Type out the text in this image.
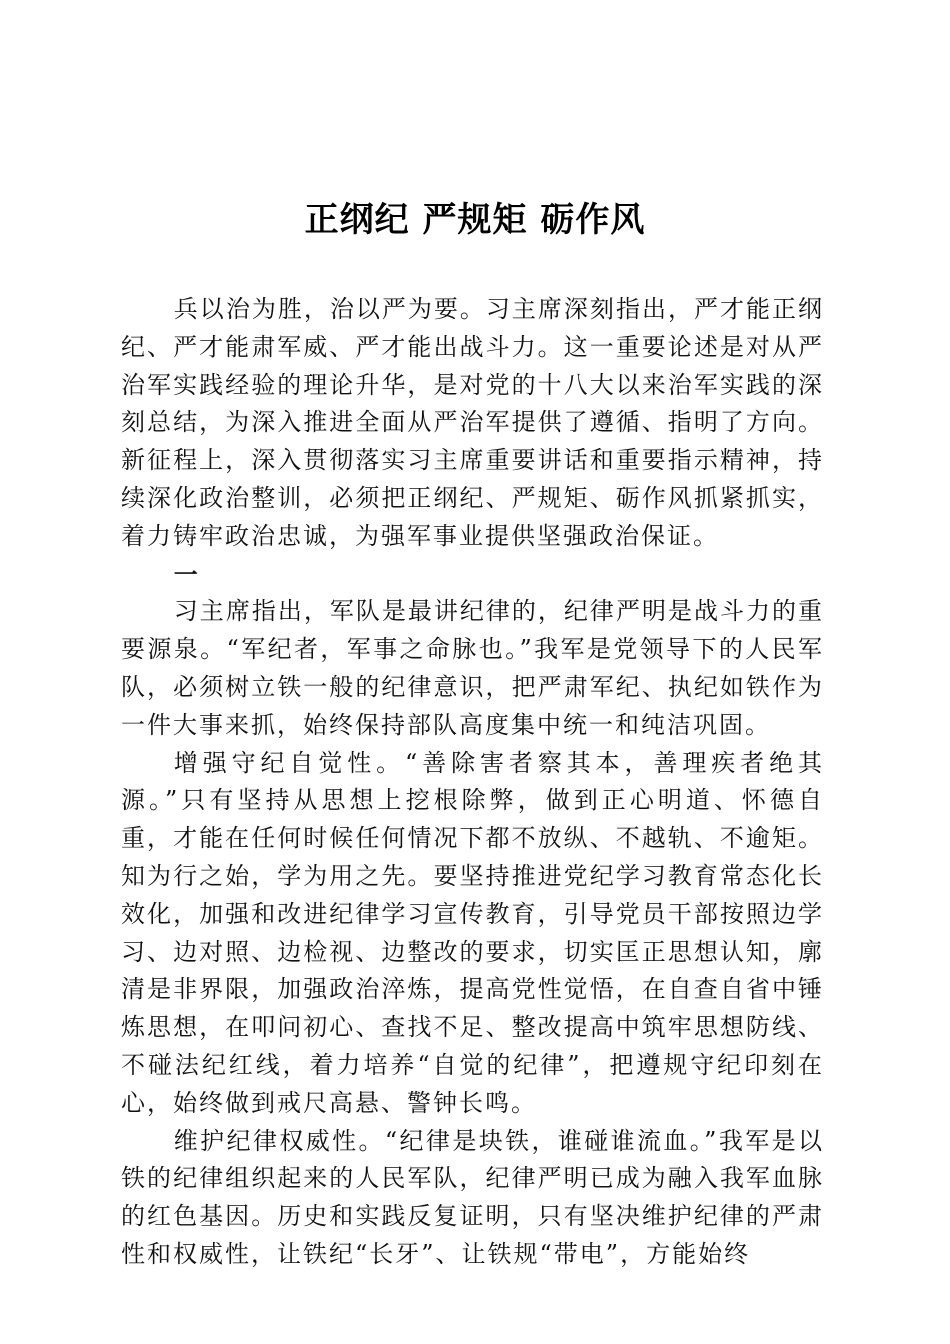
正纲纪 严规矩 砺作风

兵以治为胜，治以严为要。习主席深刻指出，严才能正纲纪、严才能肃军威、严才能出战斗力。这一重要论述是对从严治军实践经验的理论升华，是对党的十八大以来治军实践的深刻总结，为深入推进全面从严治军提供了遵循、指明了方向。新征程上，深入贯彻落实习主席重要讲话和重要指示精神，持续深化政治整训，必须把正纲纪、严规矩、砺作风抓紧抓实，着力铸牢政治忠诚，为强军事业提供坚强政治保证。

一

习主席指出，军队是最讲纪律的，纪律严明是战斗力的重要源泉。“军纪者，军事之命脉也。”我军是党领导下的人民军队，必须树立铁一般的纪律意识，把严肃军纪、执纪如铁作为一件大事来抓，始终保持部队高度集中统一和纯洁巩固。

增强守纪自觉性。“善除害者察其本，善理疾者绝其源。”只有坚持从思想上挖根除弊，做到正心明道、怀德自重，才能在任何时候任何情况下都不放纵、不越轨、不逾矩。知为行之始，学为用之先。要坚持推进党纪学习教育常态化长效化，加强和改进纪律学习宣传教育，引导党员干部按照边学习、边对照、边检视、边整改的要求，切实匡正思想认知，廓清是非界限，加强政治淬炼，提高党性觉悟，在自查自省中锤炼思想，在叩问初心、查找不足、整改提高中筑牢思想防线、不碰法纪红线，着力培养“自觉的纪律”，把遵规守纪印刻在心，始终做到戒尺高悬、警钟长鸣。

维护纪律权威性。“纪律是块铁，谁碰谁流血。”我军是以铁的纪律组织起来的人民军队，纪律严明已成为融入我军血脉的红色基因。历史和实践反复证明，只有坚决维护纪律的严肃性和权威性，让铁纪“长牙”、让铁规“带电”，方能始终
